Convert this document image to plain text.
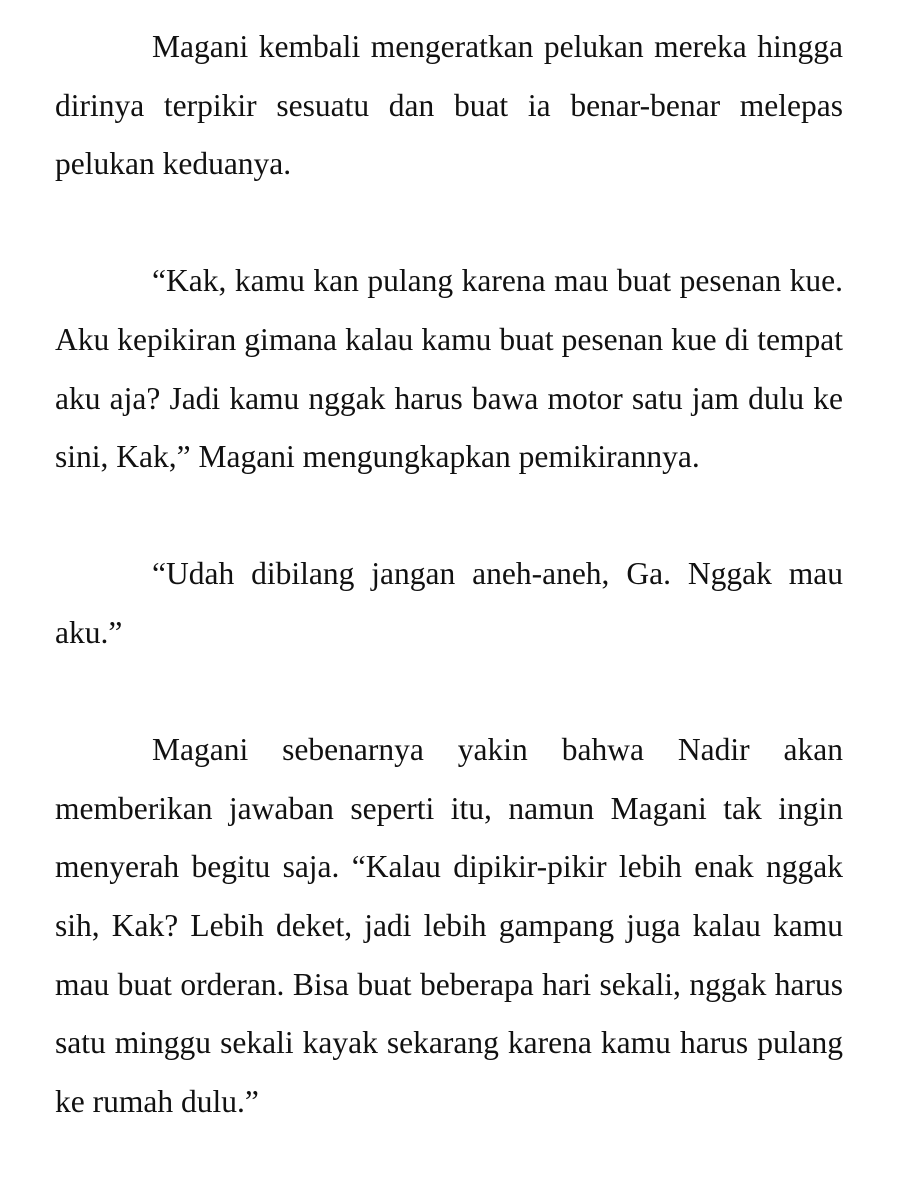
Magani kembali mengeratkan pelukan mereka hingga dirinya terpikir sesuatu dan buat ia benar-benar melepas pelukan keduanya.

“Kak, kamu kan pulang karena mau buat pesenan kue. Aku kepikiran gimana kalau kamu buat pesenan kue di tempat aku aja? Jadi kamu nggak harus bawa motor satu jam dulu ke sini, Kak,” Magani mengungkapkan pemikirannya.

“Udah dibilang jangan aneh-aneh, Ga. Nggak mau aku.”

Magani sebenarnya yakin bahwa Nadir akan memberikan jawaban seperti itu, namun Magani tak ingin menyerah begitu saja. “Kalau dipikir-pikir lebih enak nggak sih, Kak? Lebih deket, jadi lebih gampang juga kalau kamu mau buat orderan. Bisa buat beberapa hari sekali, nggak harus satu minggu sekali kayak sekarang karena kamu harus pulang ke rumah dulu.”
